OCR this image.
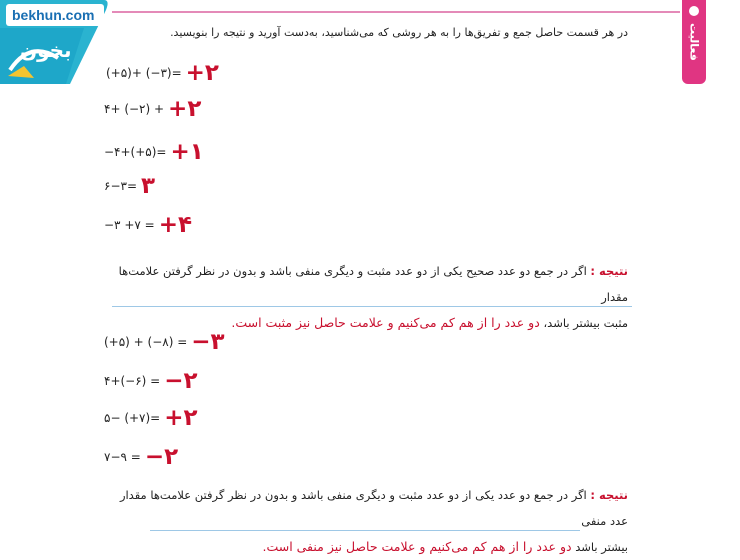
bekhun.com
بخون	فعالیت
در هر قسمت حاصل جمع و تفریق‌ها را به هر روشی که می‌شناسید، به‌دست آورید و نتیجه را بنویسید.
(+۵)+ (−۳)= +۲
۴+ (−۲) + +۲
−۴+(+۵)= +۱
۶−۳= ۳
−۳ +۷ = +۴
نتیجه : اگر در جمع دو عدد صحیح یکی از دو عدد مثبت و دیگری منفی باشد و بدون در نظر گرفتن علامت‌ها مقدار
مثبت بیشتر باشد، دو عدد را از هم کم می‌کنیم و علامت حاصل نیز مثبت است.
(+۵) + (−۸) = −۳
۴+(−۶) = −۲
۵− (+۷)= +۲
۷−۹ = −۲
نتیجه : اگر در جمع دو عدد یکی از دو عدد مثبت و دیگری منفی باشد و بدون در نظر گرفتن علامت‌ها مقدار عدد منفی
بیشتر باشد دو عدد را از هم کم می‌کنیم و علامت حاصل نیز منفی است.
